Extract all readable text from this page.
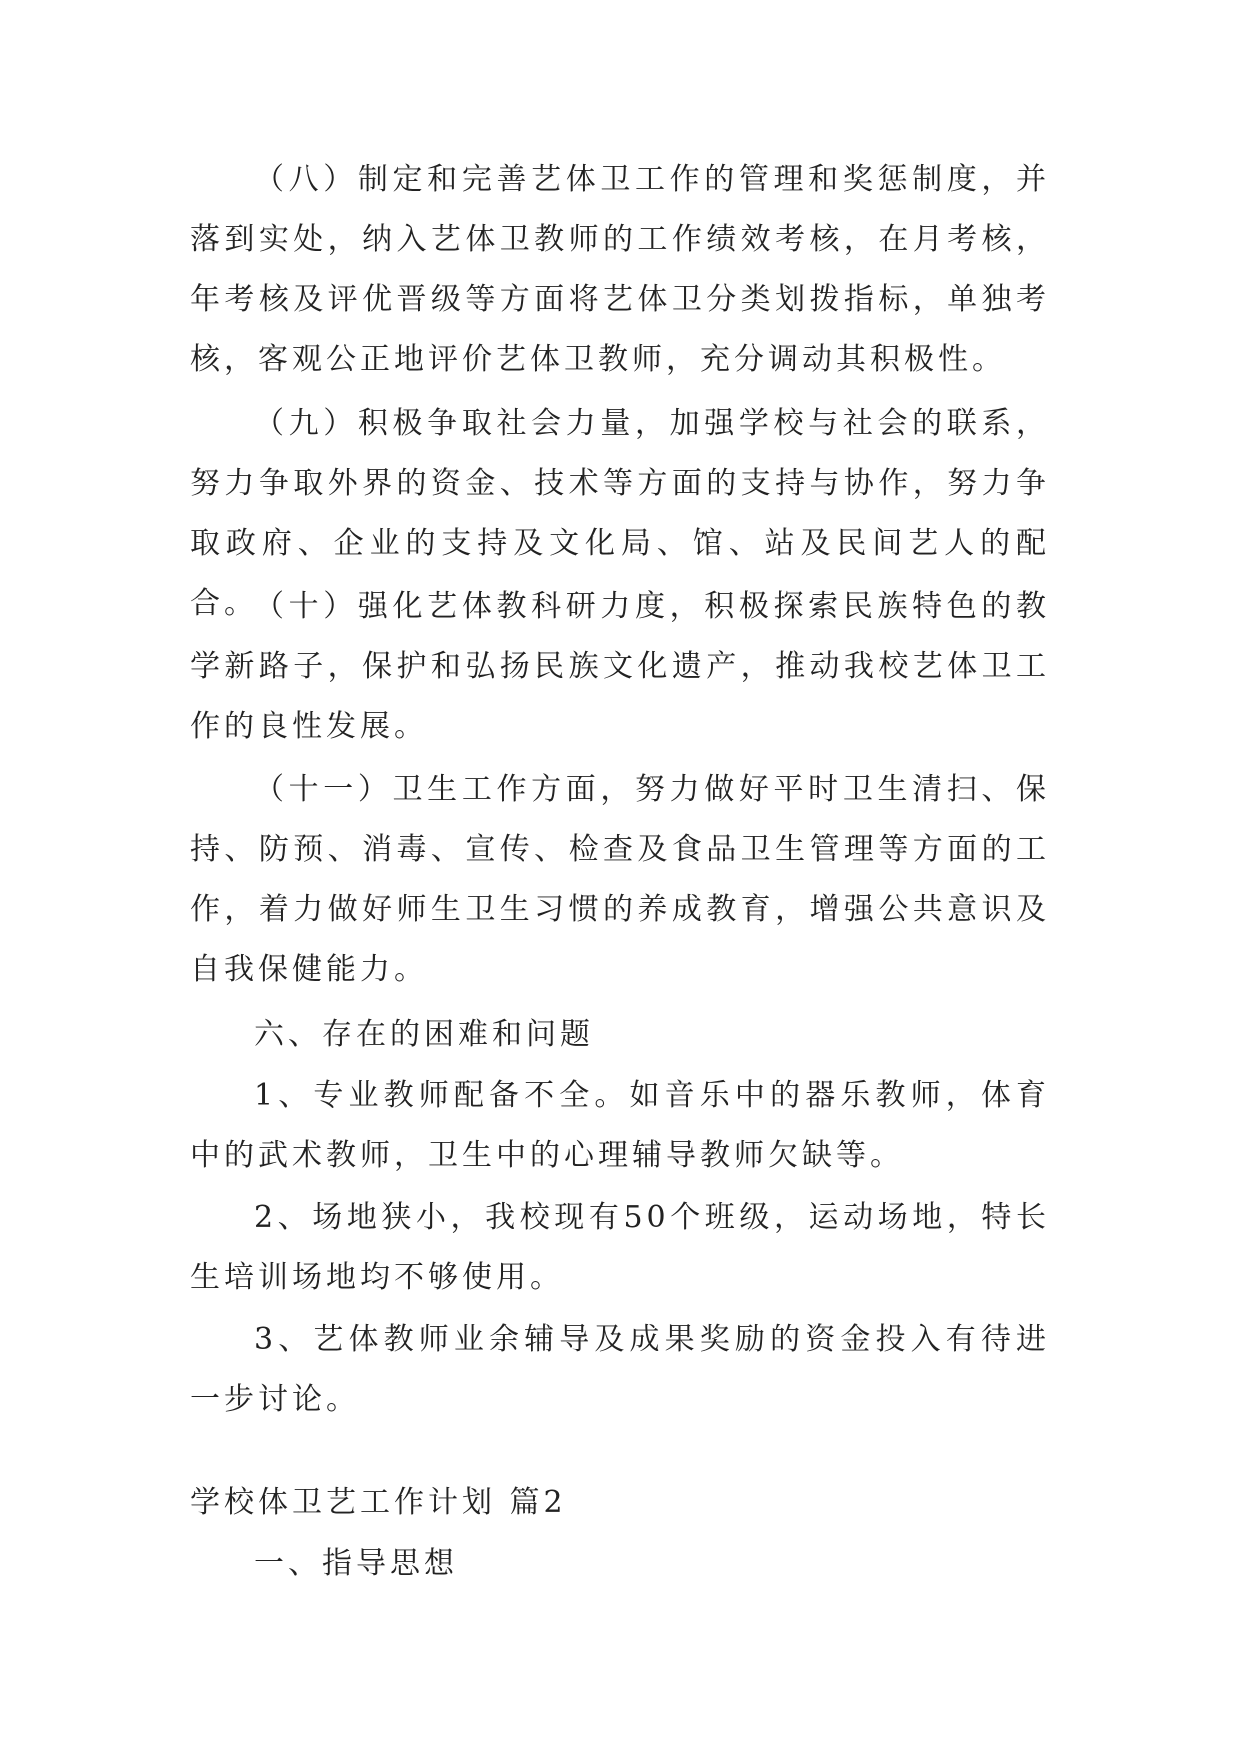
（八）制定和完善艺体卫工作的管理和奖惩制度，并落到实处，纳入艺体卫教师的工作绩效考核，在月考核，年考核及评优晋级等方面将艺体卫分类划拨指标，单独考核，客观公正地评价艺体卫教师，充分调动其积极性。

（九）积极争取社会力量，加强学校与社会的联系，努力争取外界的资金、技术等方面的支持与协作，努力争取政府、企业的支持及文化局、馆、站及民间艺人的配合。

（十）强化艺体教科研力度，积极探索民族特色的教学新路子，保护和弘扬民族文化遗产，推动我校艺体卫工作的良性发展。

（十一）卫生工作方面，努力做好平时卫生清扫、保持、防预、消毒、宣传、检查及食品卫生管理等方面的工作，着力做好师生卫生习惯的养成教育，增强公共意识及自我保健能力。

六、存在的困难和问题

1、专业教师配备不全。如音乐中的器乐教师，体育中的武术教师，卫生中的心理辅导教师欠缺等。

2、场地狭小，我校现有50个班级，运动场地，特长生培训场地均不够使用。

3、艺体教师业余辅导及成果奖励的资金投入有待进一步讨论。

学校体卫艺工作计划 篇2

一、指导思想
